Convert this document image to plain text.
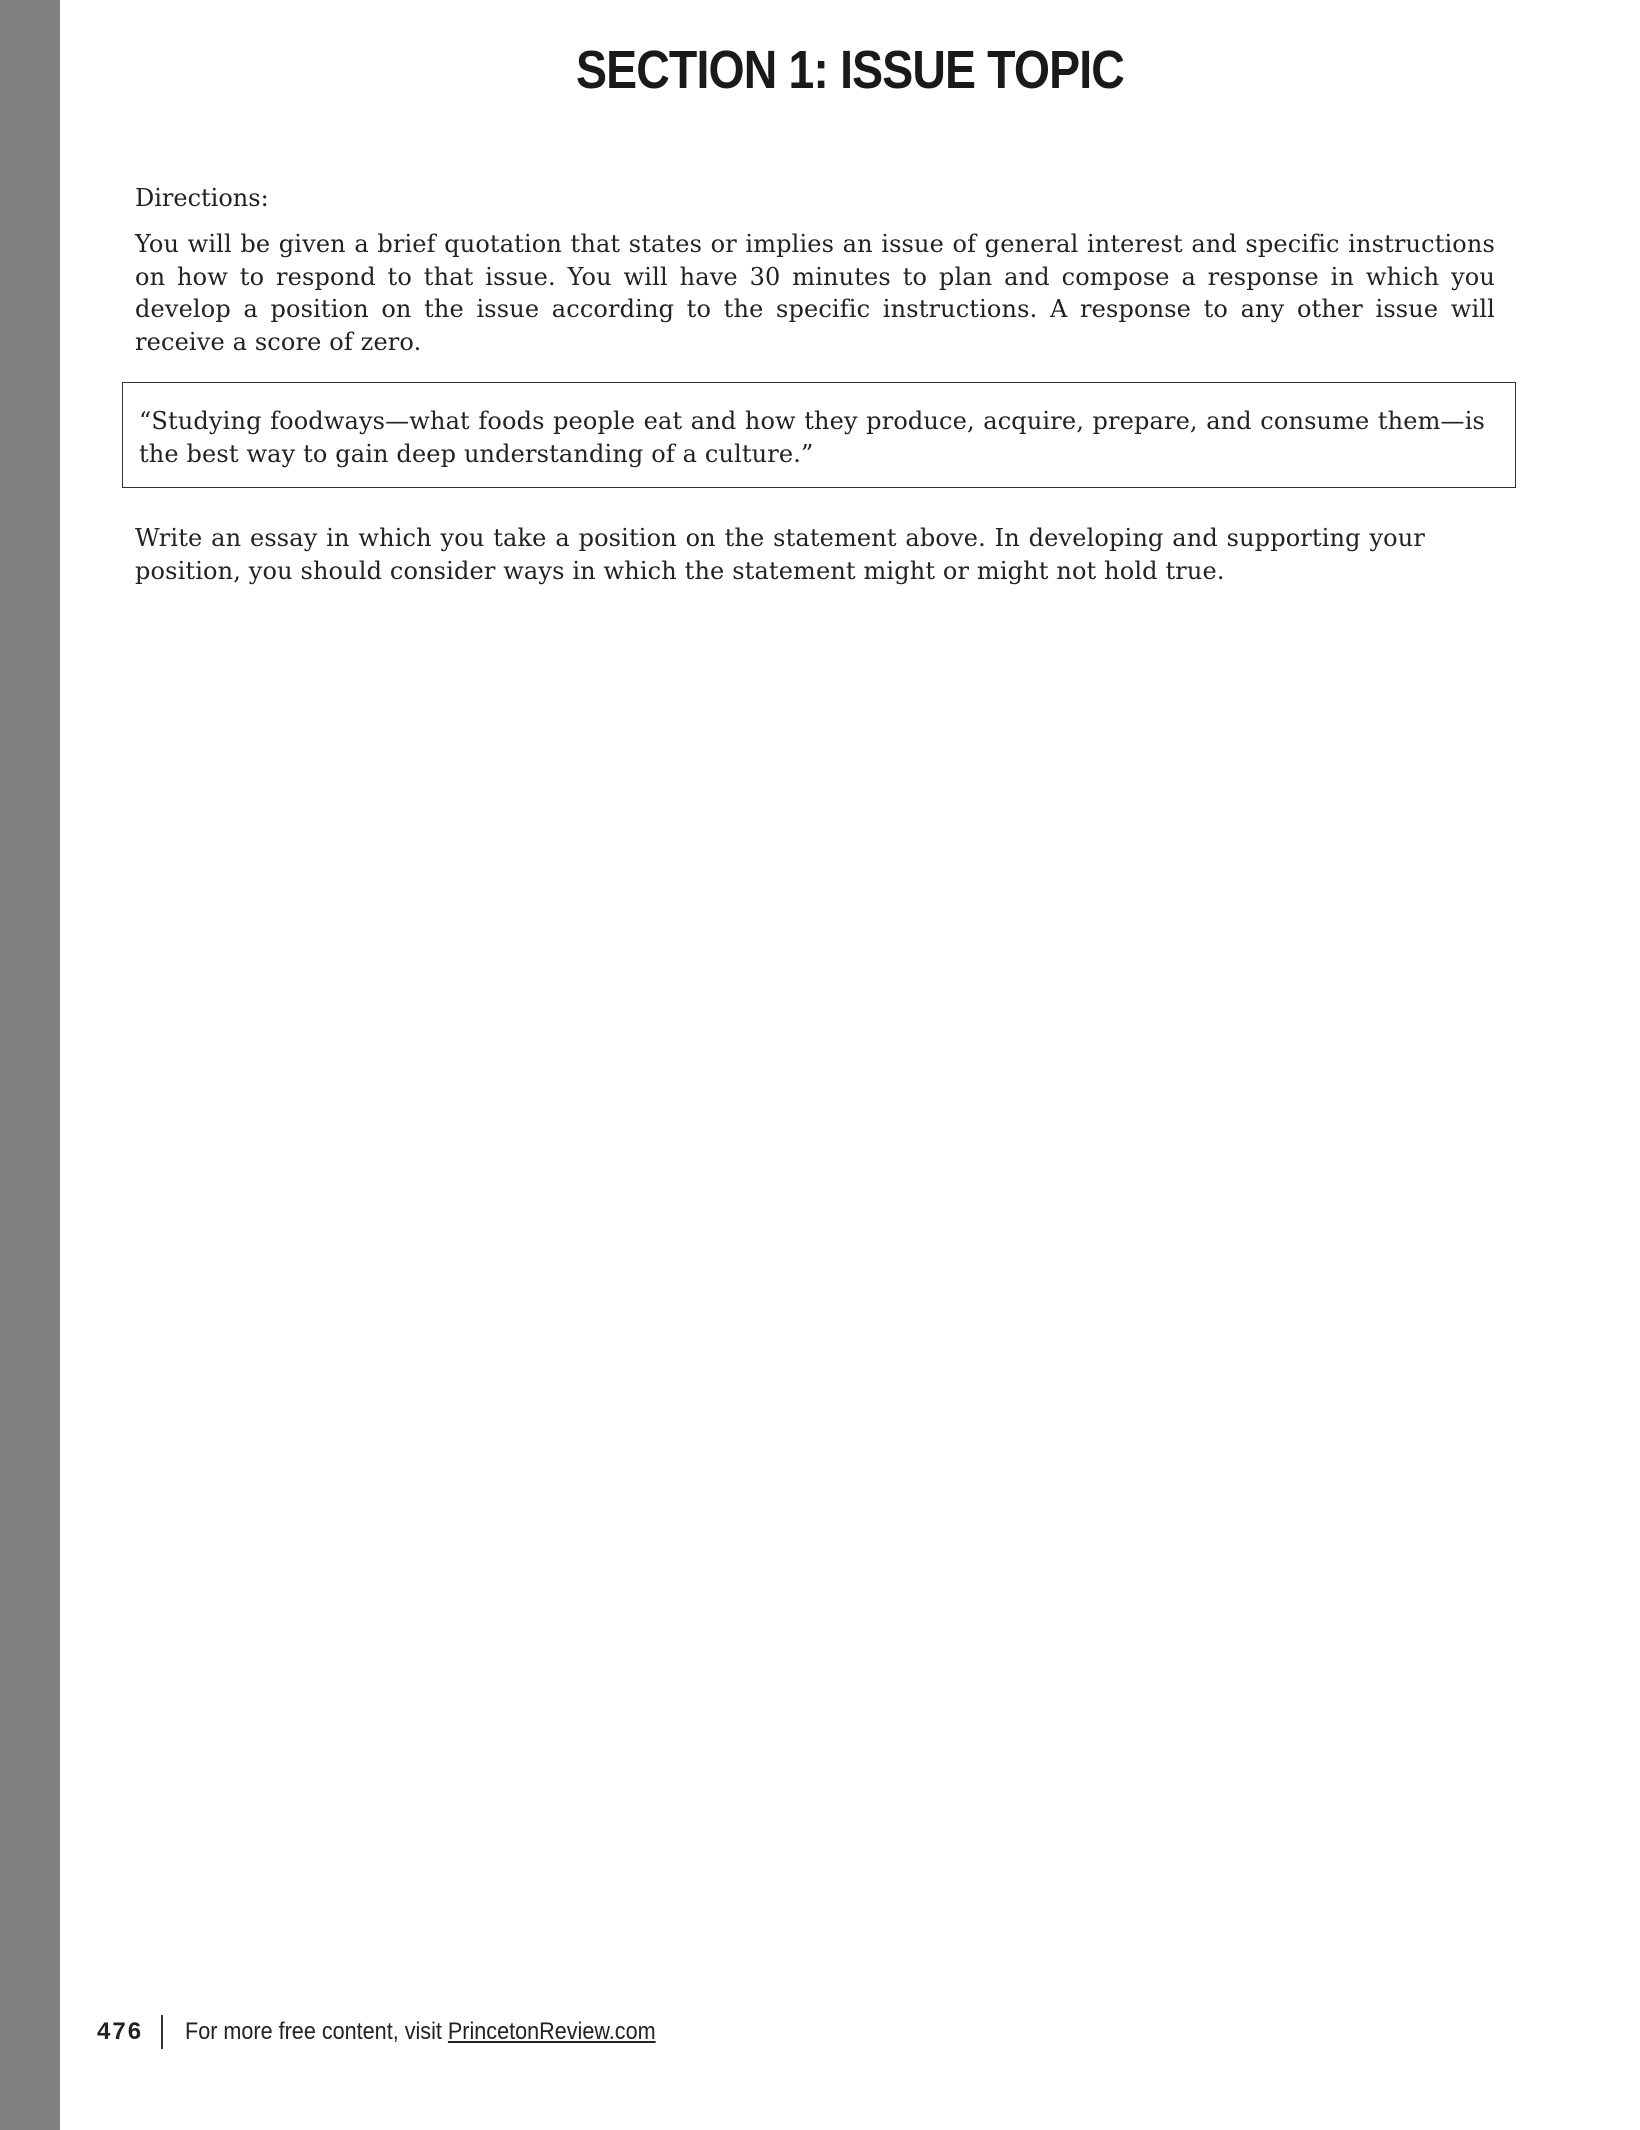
SECTION 1: ISSUE TOPIC

Directions:

You will be given a brief quotation that states or implies an issue of general interest and specific instructions on how to respond to that issue. You will have 30 minutes to plan and compose a response in which you develop a position on the issue according to the specific instructions. A response to any other issue will receive a score of zero.

“Studying foodways—what foods people eat and how they produce, acquire, prepare, and consume them—is the best way to gain deep understanding of a culture.”

Write an essay in which you take a position on the statement above. In developing and supporting your position, you should consider ways in which the statement might or might not hold true.

476 For more free content, visit PrincetonReview.com
